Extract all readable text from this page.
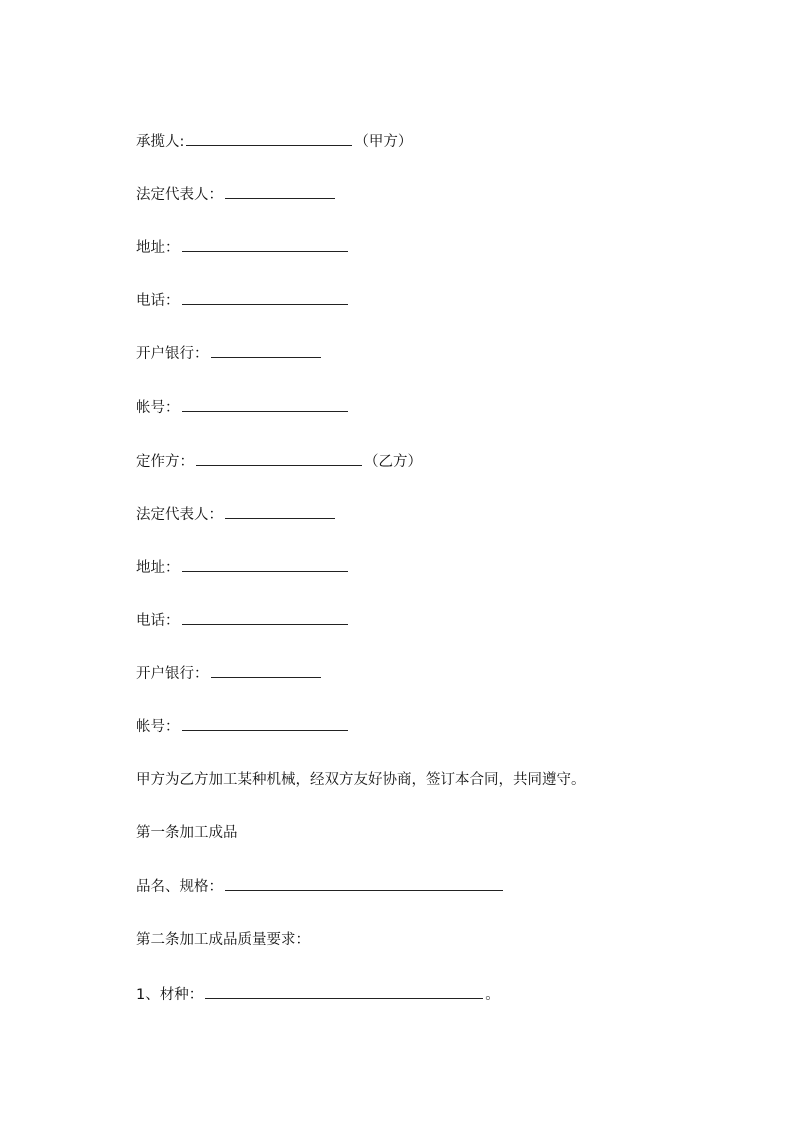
承揽人:	（甲方）
法定代表人：
地址：
电话：
开户银行：
帐号：
定作方：	（乙方）
法定代表人：
地址：
电话：
开户银行：
帐号：
甲方为乙方加工某种机械，经双方友好协商，签订本合同，共同遵守。
第一条加工成品
品名、规格：
第二条加工成品质量要求：
1、材种：	。
